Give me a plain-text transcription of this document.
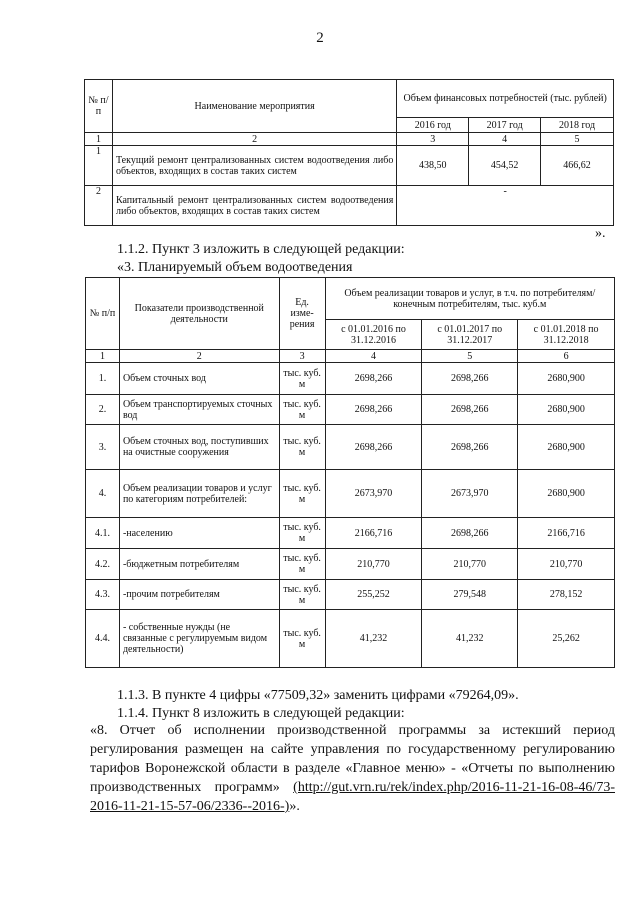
2
№ п/п	Наименование мероприятия	Объем финансовых потребностей (тыс. рублей)		
		2016 год	2017 год	2018 год
1	2	3	4	5
1	Текущий ремонт централизованных систем водоотведения либо объектов, входящих в состав таких систем	438,50	454,52	466,62
2	Капитальный ремонт централизованных систем водоотведения либо объектов, входящих в состав таких систем	-		
».
1.1.2. Пункт 3 изложить в следующей редакции:
«3. Планируемый объем водоотведения
№ п/п	Показатели производственной деятельности	Ед. изме- рения	Объем реализации товаров и услуг, в т.ч. по потребителям/ конечным потребителям, тыс. куб.м		
			с 01.01.2016 по 31.12.2016	с 01.01.2017 по 31.12.2017	с 01.01.2018 по 31.12.2018
1	2	3	4	5	6
1.	Объем сточных вод	тыс. куб. м	2698,266	2698,266	2680,900
2.	Объем транспортируемых сточных вод	тыс. куб. м	2698,266	2698,266	2680,900
3.	Объем сточных вод, поступивших на очистные сооружения	тыс. куб. м	2698,266	2698,266	2680,900
4.	Объем реализации товаров и услуг по категориям потребителей:	тыс. куб. м	2673,970	2673,970	2680,900
4.1.	-населению	тыс. куб. м	2166,716	2698,266	2166,716
4.2.	-бюджетным потребителям	тыс. куб. м	210,770	210,770	210,770
4.3.	-прочим потребителям	тыс. куб. м	255,252	279,548	278,152
4.4.	- собственные нужды (не связанные с регулируемым видом деятельности)	тыс. куб. м	41,232	41,232	25,262
1.1.3. В пункте 4 цифры «77509,32» заменить цифрами «79264,09».
1.1.4. Пункт 8 изложить в следующей редакции:
«8. Отчет об исполнении производственной программы за истекший период регулирования размещен на сайте управления по государственному регулированию тарифов Воронежской области в разделе «Главное меню» - «Отчеты по выполнению производственных программ» (http://gut.vrn.ru/rek/index.php/2016-11-21-16-08-46/73-2016-11-21-15-57-06/2336--2016-)».
